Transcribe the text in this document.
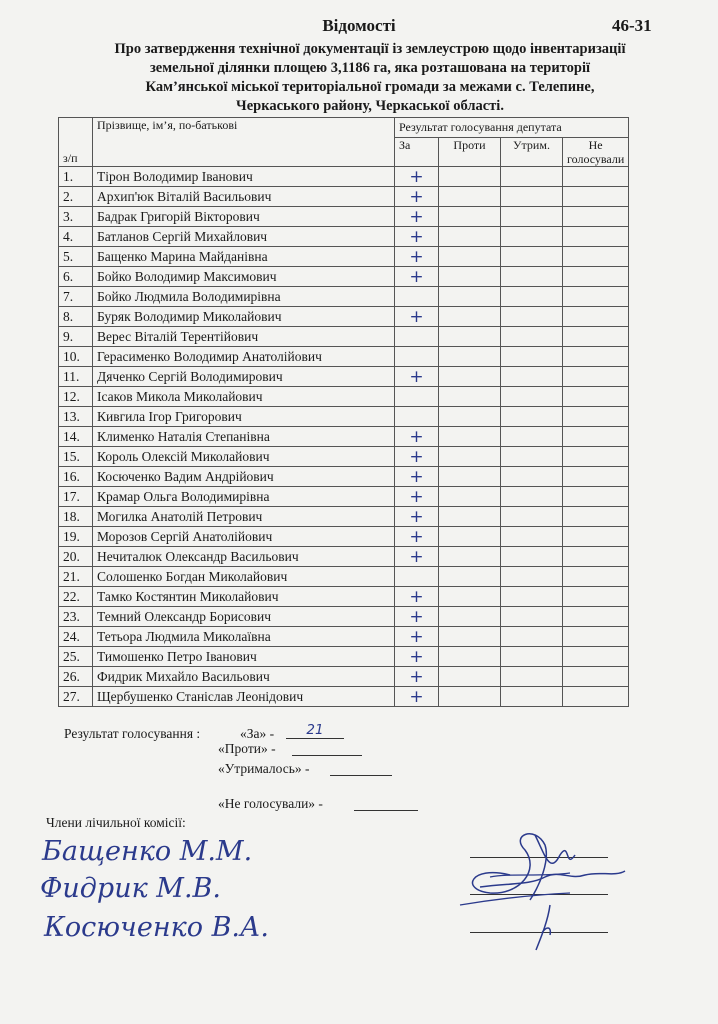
Відомості	46-31
Про затвердження технічної документації із землеустрою щодо інвентаризації
земельної ділянки площею 3,1186 га, яка розташована на території
Кам’янської міської територіальної громади за межами с. Телепине,
Черкаського району, Черкаської області.
з/п	Прізвище, ім’я, по-батькові	Результат голосування депутата			
		За	Проти	Утрим.	Не голосували
1.	Тірон Володимир Іванович	+			
2.	Архип'юк Віталій Васильович	+			
3.	Бадрак Григорій Вікторович	+			
4.	Батланов Сергій Михайлович	+			
5.	Бащенко Марина Майданівна	+			
6.	Бойко Володимир Максимович	+			
7.	Бойко Людмила Володимирівна				
8.	Буряк Володимир Миколайович	+			
9.	Верес Віталій Терентійович				
10.	Герасименко Володимир Анатолійович				
11.	Дяченко Сергій Володимирович	+			
12.	Ісаков Микола Миколайович				
13.	Кивгила Ігор Григорович				
14.	Клименко Наталія Степанівна	+			
15.	Король Олексій Миколайович	+			
16.	Косюченко Вадим Андрійович	+			
17.	Крамар Ольга Володимирівна	+			
18.	Могилка Анатолій Петрович	+			
19.	Морозов Сергій Анатолійович	+			
20.	Нечиталюк Олександр Васильович	+			
21.	Солошенко Богдан Миколайович				
22.	Тамко Костянтин Миколайович	+			
23.	Темний Олександр Борисович	+			
24.	Тетьора Людмила Миколаївна	+			
25.	Тимошенко Петро Іванович	+			
26.	Фидрик Михайло Васильович	+			
27.	Щербушенко Станіслав Леонідович	+			
Результат голосування :	«За» -	21
«Проти» -
«Утрималось» -
«Не голосували» -
Члени лічильної комісії:
Бащенко М.М.
Фидрик М.В.
Косюченко В.А.
